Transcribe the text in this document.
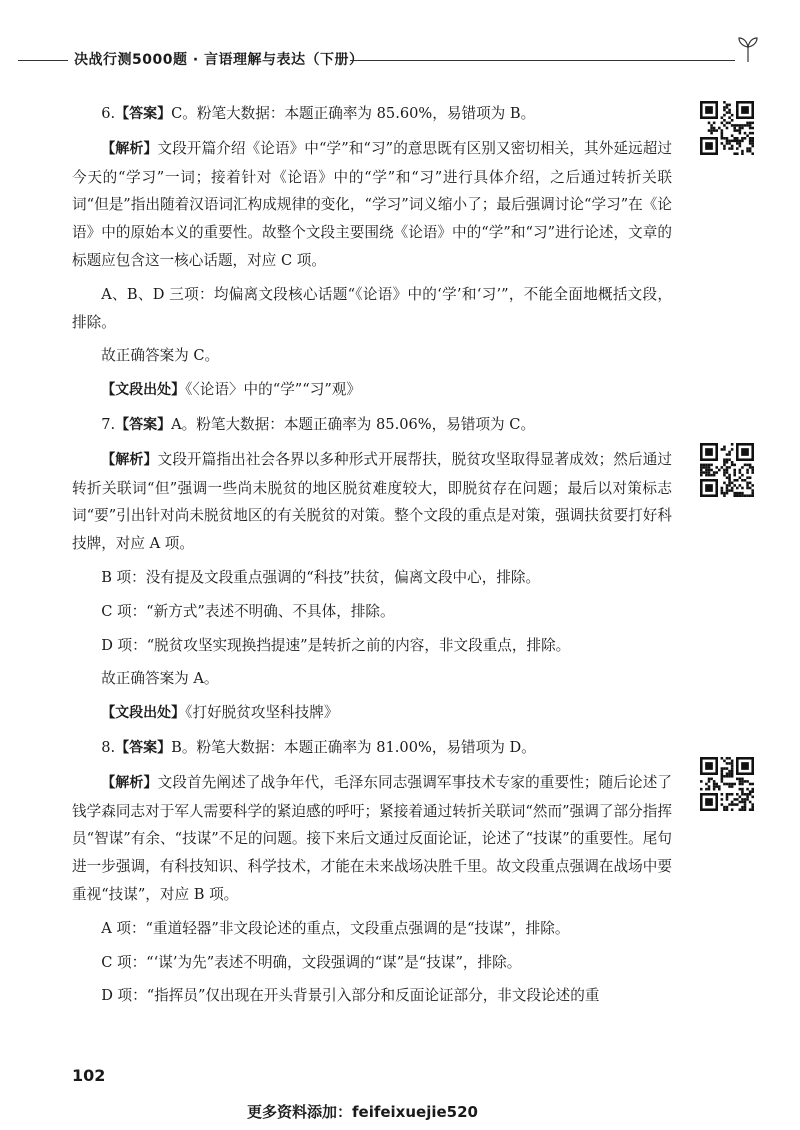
决战行测5000题 · 言语理解与表达（下册）

6.【答案】C。粉笔大数据：本题正确率为 85.60%，易错项为 B。

【解析】文段开篇介绍《论语》中“学”和“习”的意思既有区别又密切相关，其外延远超过今天的“学习”一词；接着针对《论语》中的“学”和“习”进行具体介绍，之后通过转折关联词“但是”指出随着汉语词汇构成规律的变化，“学习”词义缩小了；最后强调讨论“学习”在《论语》中的原始本义的重要性。故整个文段主要围绕《论语》中的“学”和“习”进行论述，文章的标题应包含这一核心话题，对应 C 项。

A、B、D 三项：均偏离文段核心话题“《论语》中的‘学’和‘习’”，不能全面地概括文段，排除。

故正确答案为 C。

【文段出处】《〈论语〉中的“学”“习”观》

7.【答案】A。粉笔大数据：本题正确率为 85.06%，易错项为 C。

【解析】文段开篇指出社会各界以多种形式开展帮扶，脱贫攻坚取得显著成效；然后通过转折关联词“但”强调一些尚未脱贫的地区脱贫难度较大，即脱贫存在问题；最后以对策标志词“要”引出针对尚未脱贫地区的有关脱贫的对策。整个文段的重点是对策，强调扶贫要打好科技牌，对应 A 项。

B 项：没有提及文段重点强调的“科技”扶贫，偏离文段中心，排除。

C 项：“新方式”表述不明确、不具体，排除。

D 项：“脱贫攻坚实现换挡提速”是转折之前的内容，非文段重点，排除。

故正确答案为 A。

【文段出处】《打好脱贫攻坚科技牌》

8.【答案】B。粉笔大数据：本题正确率为 81.00%，易错项为 D。

【解析】文段首先阐述了战争年代，毛泽东同志强调军事技术专家的重要性；随后论述了钱学森同志对于军人需要科学的紧迫感的呼吁；紧接着通过转折关联词“然而”强调了部分指挥员“智谋”有余、“技谋”不足的问题。接下来后文通过反面论证，论述了“技谋”的重要性。尾句进一步强调，有科技知识、科学技术，才能在未来战场决胜千里。故文段重点强调在战场中要重视“技谋”，对应 B 项。

A 项：“重道轻器”非文段论述的重点，文段重点强调的是“技谋”，排除。

C 项：“‘谋’为先”表述不明确，文段强调的“谋”是“技谋”，排除。

D 项：“指挥员”仅出现在开头背景引入部分和反面论证部分，非文段论述的重

102
更多资料添加：feifeixuejie520
